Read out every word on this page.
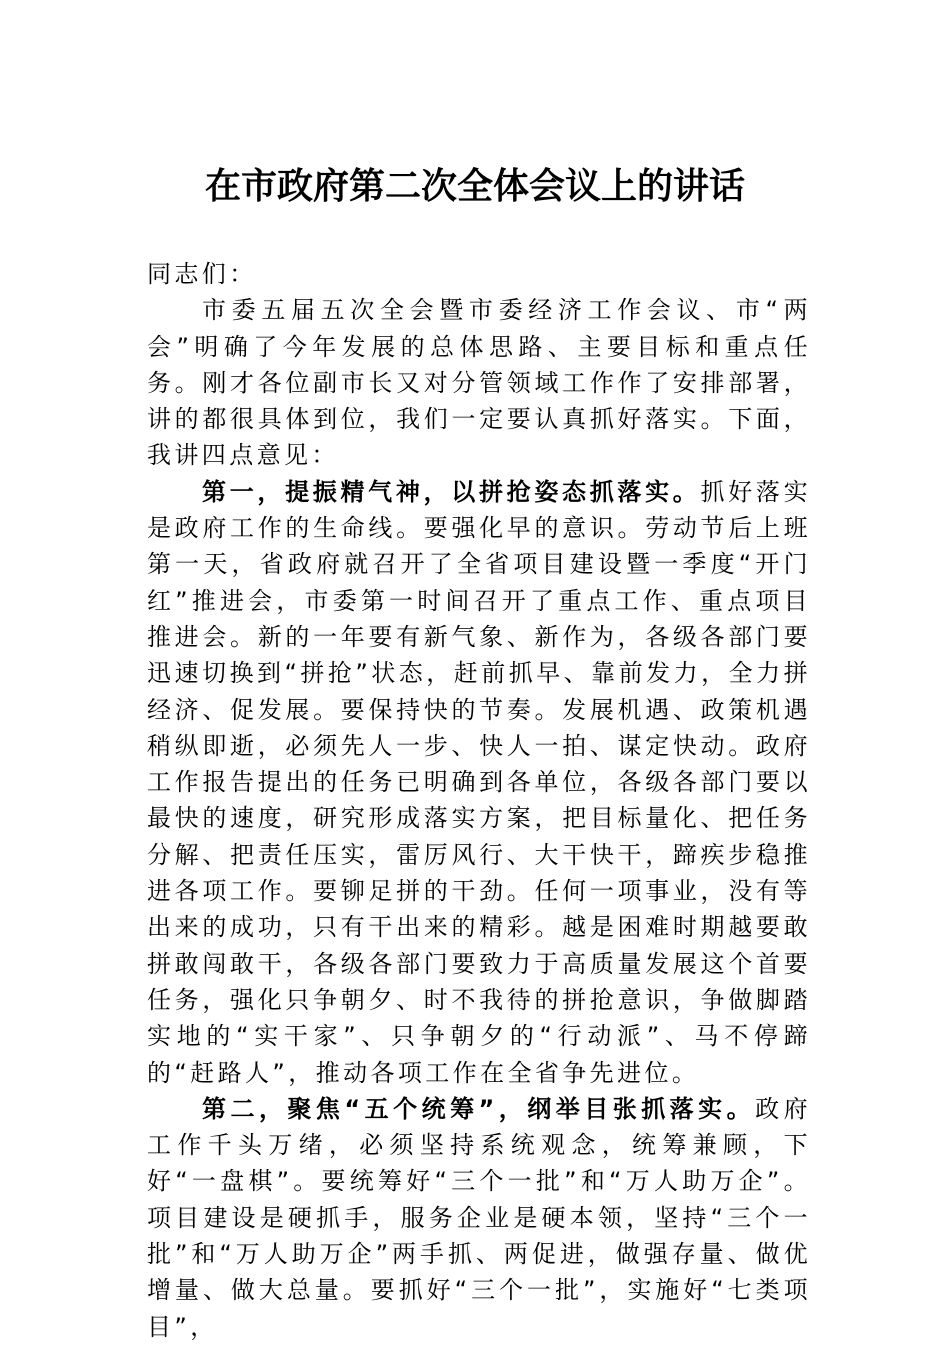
在市政府第二次全体会议上的讲话

同志们：

市委五届五次全会暨市委经济工作会议、市“两会”明确了今年发展的总体思路、主要目标和重点任务。刚才各位副市长又对分管领域工作作了安排部署，讲的都很具体到位，我们一定要认真抓好落实。下面，我讲四点意见：

第一，提振精气神，以拼抢姿态抓落实。抓好落实是政府工作的生命线。要强化早的意识。劳动节后上班第一天，省政府就召开了全省项目建设暨一季度“开门红”推进会，市委第一时间召开了重点工作、重点项目推进会。新的一年要有新气象、新作为，各级各部门要迅速切换到“拼抢”状态，赶前抓早、靠前发力，全力拼经济、促发展。要保持快的节奏。发展机遇、政策机遇稍纵即逝，必须先人一步、快人一拍、谋定快动。政府工作报告提出的任务已明确到各单位，各级各部门要以最快的速度，研究形成落实方案，把目标量化、把任务分解、把责任压实，雷厉风行、大干快干，蹄疾步稳推进各项工作。要铆足拼的干劲。任何一项事业，没有等出来的成功，只有干出来的精彩。越是困难时期越要敢拼敢闯敢干，各级各部门要致力于高质量发展这个首要任务，强化只争朝夕、时不我待的拼抢意识，争做脚踏实地的“实干家”、只争朝夕的“行动派”、马不停蹄的“赶路人”，推动各项工作在全省争先进位。

第二，聚焦“五个统筹”，纲举目张抓落实。政府工作千头万绪，必须坚持系统观念，统筹兼顾，下好“一盘棋”。要统筹好“三个一批”和“万人助万企”。项目建设是硬抓手，服务企业是硬本领，坚持“三个一批”和“万人助万企”两手抓、两促进，做强存量、做优增量、做大总量。要抓好“三个一批”，实施好“七类项目”，
